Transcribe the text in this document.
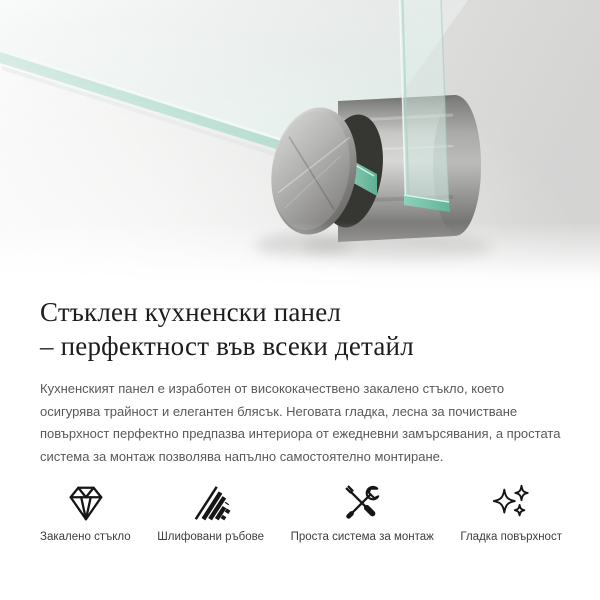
Стъклен кухненски панел
– перфектност във всеки детайл

Кухненският панел е изработен от висококачествено закалено стъкло, което осигурява трайност и елегантен блясък. Неговата гладка, лесна за почистване повърхност перфектно предпазва интериора от ежедневни замърсявания, а простата система за монтаж позволява напълно самостоятелно монтиране.

Закалено стъкло Шлифовани ръбове Проста система за монтаж Гладка повърхност
